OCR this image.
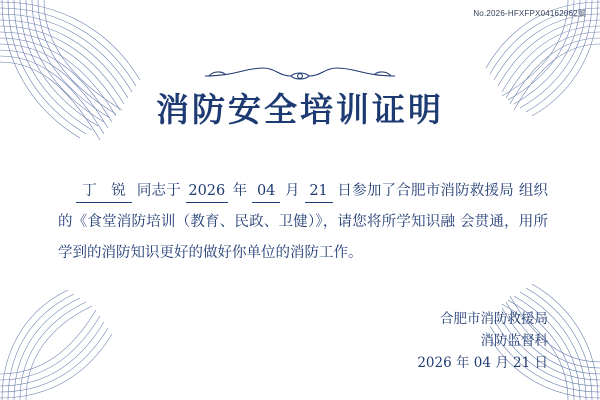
No.2026-HFXFPX04162062號
消防安全培训证明
丁　锐 同志于 2026 年 04 月 21 日参加了合肥市消防救援局 组织的《食堂消防培训（教育、民政、卫健）》，请您将所学知识融 会贯通，用所学到的消防知识更好的做好你单位的消防工作。
合肥市消防救援局
消防监督科
2026 年 04 月 21 日
